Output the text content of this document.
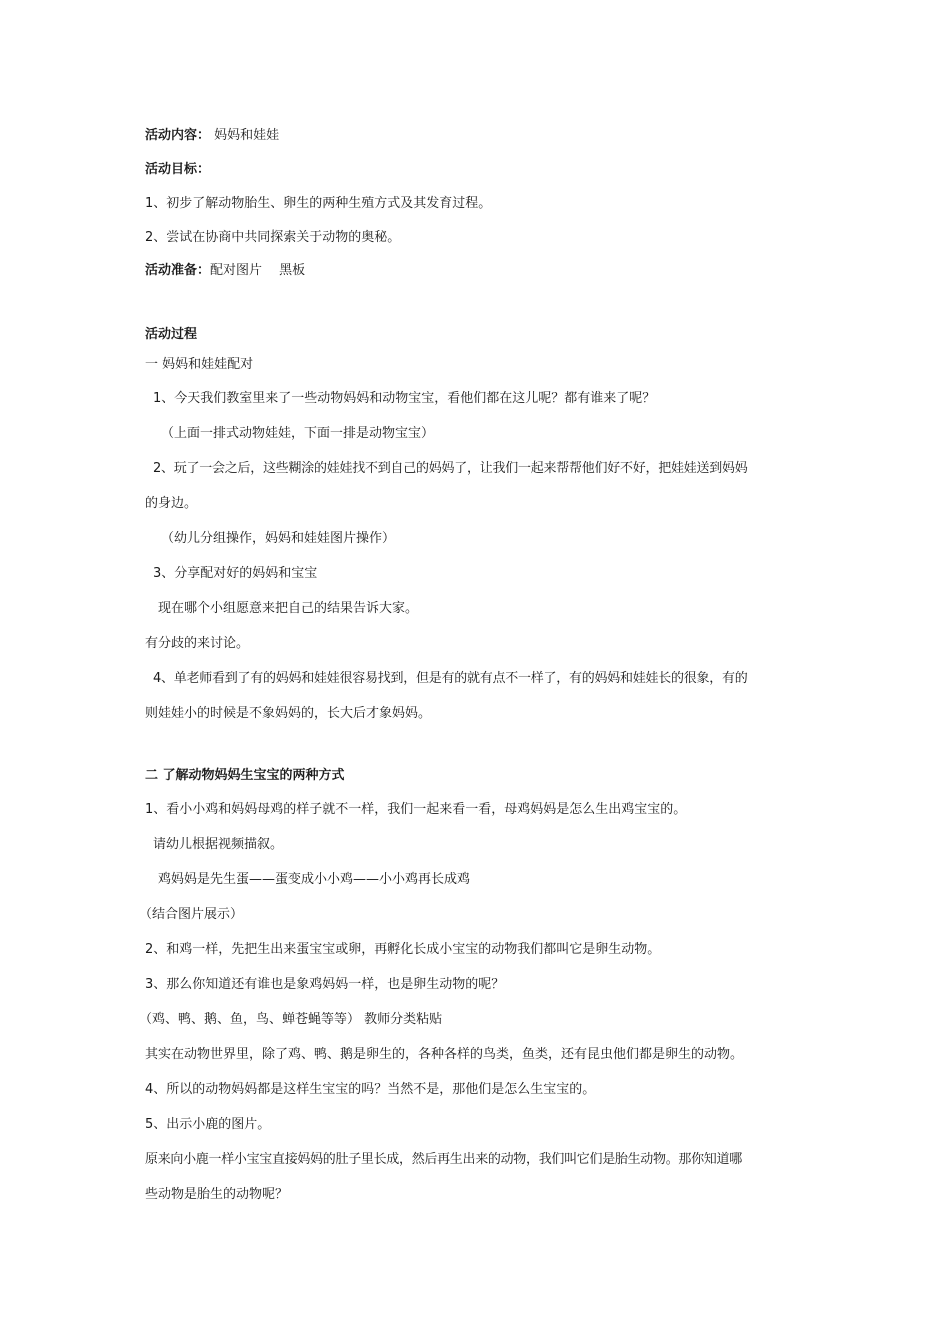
活动内容： 妈妈和娃娃
活动目标：
1、初步了解动物胎生、卵生的两种生殖方式及其发育过程。
2、尝试在协商中共同探索关于动物的奥秘。
活动准备：配对图片　 黑板
活动过程
一 妈妈和娃娃配对
1、今天我们教室里来了一些动物妈妈和动物宝宝，看他们都在这儿呢？都有谁来了呢？
（上面一排式动物娃娃，下面一排是动物宝宝）
2、玩了一会之后，这些糊涂的娃娃找不到自己的妈妈了，让我们一起来帮帮他们好不好，把娃娃送到妈妈
的身边。
（幼儿分组操作，妈妈和娃娃图片操作）
3、分享配对好的妈妈和宝宝
现在哪个小组愿意来把自己的结果告诉大家。
有分歧的来讨论。
4、单老师看到了有的妈妈和娃娃很容易找到，但是有的就有点不一样了，有的妈妈和娃娃长的很象，有的
则娃娃小的时候是不象妈妈的，长大后才象妈妈。
二 了解动物妈妈生宝宝的两种方式
1、看小小鸡和妈妈母鸡的样子就不一样，我们一起来看一看，母鸡妈妈是怎么生出鸡宝宝的。
请幼儿根据视频描叙。
鸡妈妈是先生蛋——蛋变成小小鸡——小小鸡再长成鸡
（结合图片展示）
2、和鸡一样，先把生出来蛋宝宝或卵，再孵化长成小宝宝的动物我们都叫它是卵生动物。
3、那么你知道还有谁也是象鸡妈妈一样，也是卵生动物的呢？
（鸡、鸭、鹅、鱼，鸟、蝉苍蝇等等） 教师分类粘贴
其实在动物世界里，除了鸡、鸭、鹅是卵生的，各种各样的鸟类，鱼类，还有昆虫他们都是卵生的动物。
4、所以的动物妈妈都是这样生宝宝的吗？当然不是，那他们是怎么生宝宝的。
5、出示小鹿的图片。
原来向小鹿一样小宝宝直接妈妈的肚子里长成，然后再生出来的动物，我们叫它们是胎生动物。那你知道哪
些动物是胎生的动物呢？
